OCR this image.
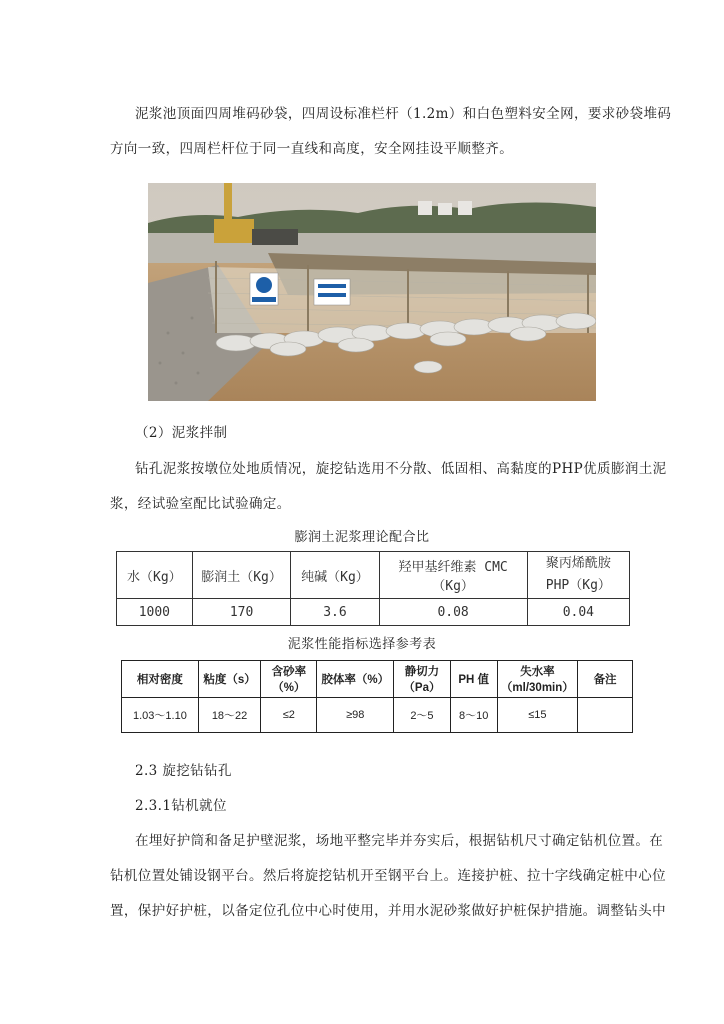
泥浆池顶面四周堆码砂袋，四周设标准栏杆（1.2m）和白色塑料安全网，要求砂袋堆码
方向一致，四周栏杆位于同一直线和高度，安全网挂设平顺整齐。
（2）泥浆拌制
钻孔泥浆按墩位处地质情况，旋挖钻选用不分散、低固相、高黏度的PHP优质膨润土泥
浆，经试验室配比试验确定。
膨润土泥浆理论配合比
水（Kg）	膨润土（Kg）	纯碱（Kg）	羟甲基纤维素 CMC（Kg）	聚丙烯酰胺 PHP（Kg）
1000	170	3.6	0.08	0.04
泥浆性能指标选择参考表
相对密度	粘度（s）	含砂率（%）	胶体率（%）	静切力（Pa）	PH 值	失水率（ml/30min）	备注
1.03～1.10	18～22	≤2	≥98	2～5	8～10	≤15	
2.3 旋挖钻钻孔
2.3.1钻机就位
在埋好护筒和备足护壁泥浆，场地平整完毕并夯实后，根据钻机尺寸确定钻机位置。在
钻机位置处铺设钢平台。然后将旋挖钻机开至钢平台上。连接护桩、拉十字线确定桩中心位
置，保护好护桩，以备定位孔位中心时使用，并用水泥砂浆做好护桩保护措施。调整钻头中
